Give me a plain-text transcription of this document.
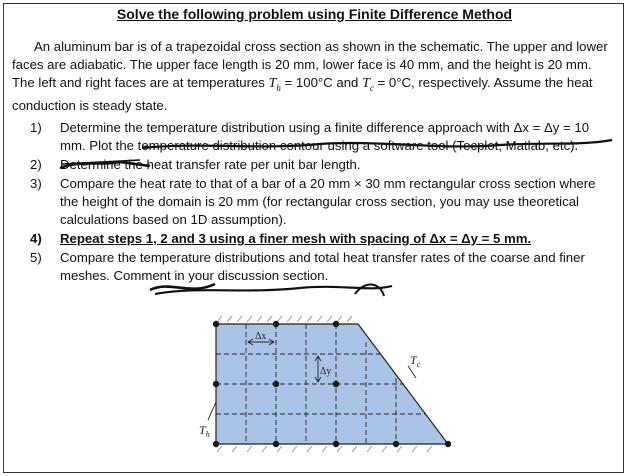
Solve the following problem using Finite Difference Method

An aluminum bar is of a trapezoidal cross section as shown in the schematic. The upper and lower faces are adiabatic. The upper face length is 20 mm, lower face is 40 mm, and the height is 20 mm. The left and right faces are at temperatures $T_h = 100^\circ C$ and $T_c = 0^\circ C$, respectively. Assume the heat conduction is steady state.

1) Determine the temperature distribution using a finite difference approach with Δx = Δy = 10 mm. Plot the temperature distribution contour using a software tool (Tecplot, Matlab, etc).
2) Determine the heat transfer rate per unit bar length.
3) Compare the heat rate to that of a bar of a 20 mm × 30 mm rectangular cross section where the height of the domain is 20 mm (for rectangular cross section, you may use theoretical calculations based on 1D assumption).
4) Repeat steps 1, 2 and 3 using a finer mesh with spacing of Δx = Δy = 5 mm.
5) Compare the temperature distributions and total heat transfer rates of the coarse and finer meshes. Comment in your discussion section.
Δx
Δy
$T_h$
$T_c$
